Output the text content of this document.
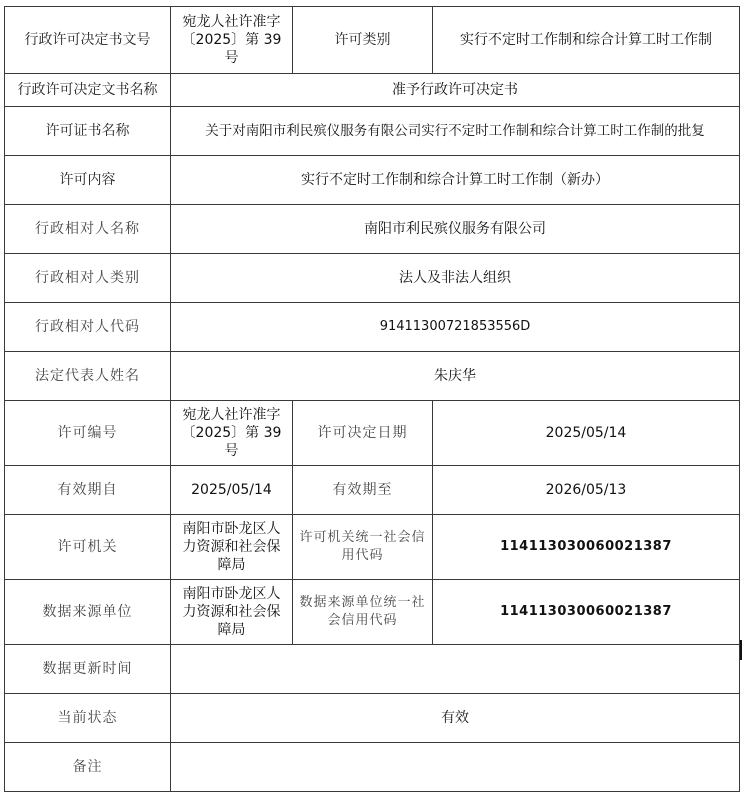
行政许可决定书文号	宛龙人社许准字〔2025〕第 39 号	许可类别	实行不定时工作制和综合计算工时工作制
行政许可决定文书名称	准予行政许可决定书		
许可证书名称	关于对南阳市利民殡仪服务有限公司实行不定时工作制和综合计算工时工作制的批复		
许可内容	实行不定时工作制和综合计算工时工作制（新办）		
行政相对人名称	南阳市利民殡仪服务有限公司		
行政相对人类别	法人及非法人组织		
行政相对人代码	91411300721853556D		
法定代表人姓名	朱庆华		
许可编号	宛龙人社许准字〔2025〕第 39 号	许可决定日期	2025/05/14
有效期自	2025/05/14	有效期至	2026/05/13
许可机关	南阳市卧龙区人力资源和社会保障局	许可机关统一社会信用代码	11411303006002138​7
数据来源单位	南阳市卧龙区人力资源和社会保障局	数据来源单位统一社会信用代码	114113030060021387
数据更新时间			
当前状态	有效		
备注			
